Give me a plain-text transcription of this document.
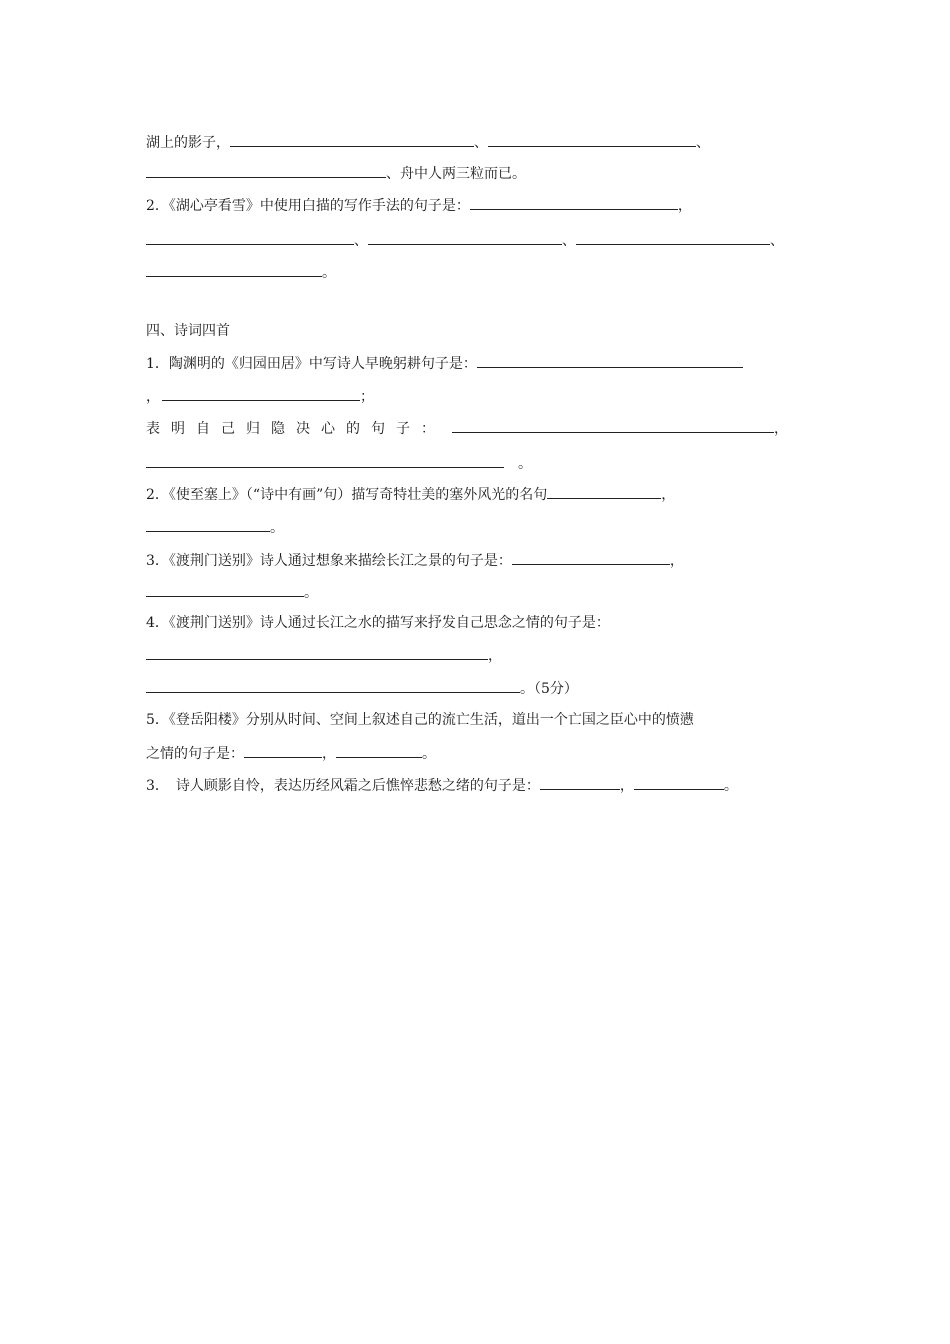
湖上的影子，	、	、
、舟中人两三粒而已。
2．《湖心亭看雪》中使用白描的写作手法的句子是：	，
、	、	、
。
四、诗词四首
1．陶渊明的《归园田居》中写诗人早晚躬耕句子是：
，	；
表明自己归隐决心的句子：	，
。
2．《使至塞上》（“诗中有画”句）描写奇特壮美的塞外风光的名句	，
。
3．《渡荆门送别》诗人通过想象来描绘长江之景的句子是：	，
。
4．《渡荆门送别》诗人通过长江之水的描写来抒发自己思念之情的句子是：
，
。（5分）
5．《登岳阳楼》分别从时间、空间上叙述自己的流亡生活，道出一个亡国之臣心中的愤懑
之情的句子是：	，	。
3．　诗人顾影自怜，表达历经风霜之后憔悴悲愁之绪的句子是：	，	。
